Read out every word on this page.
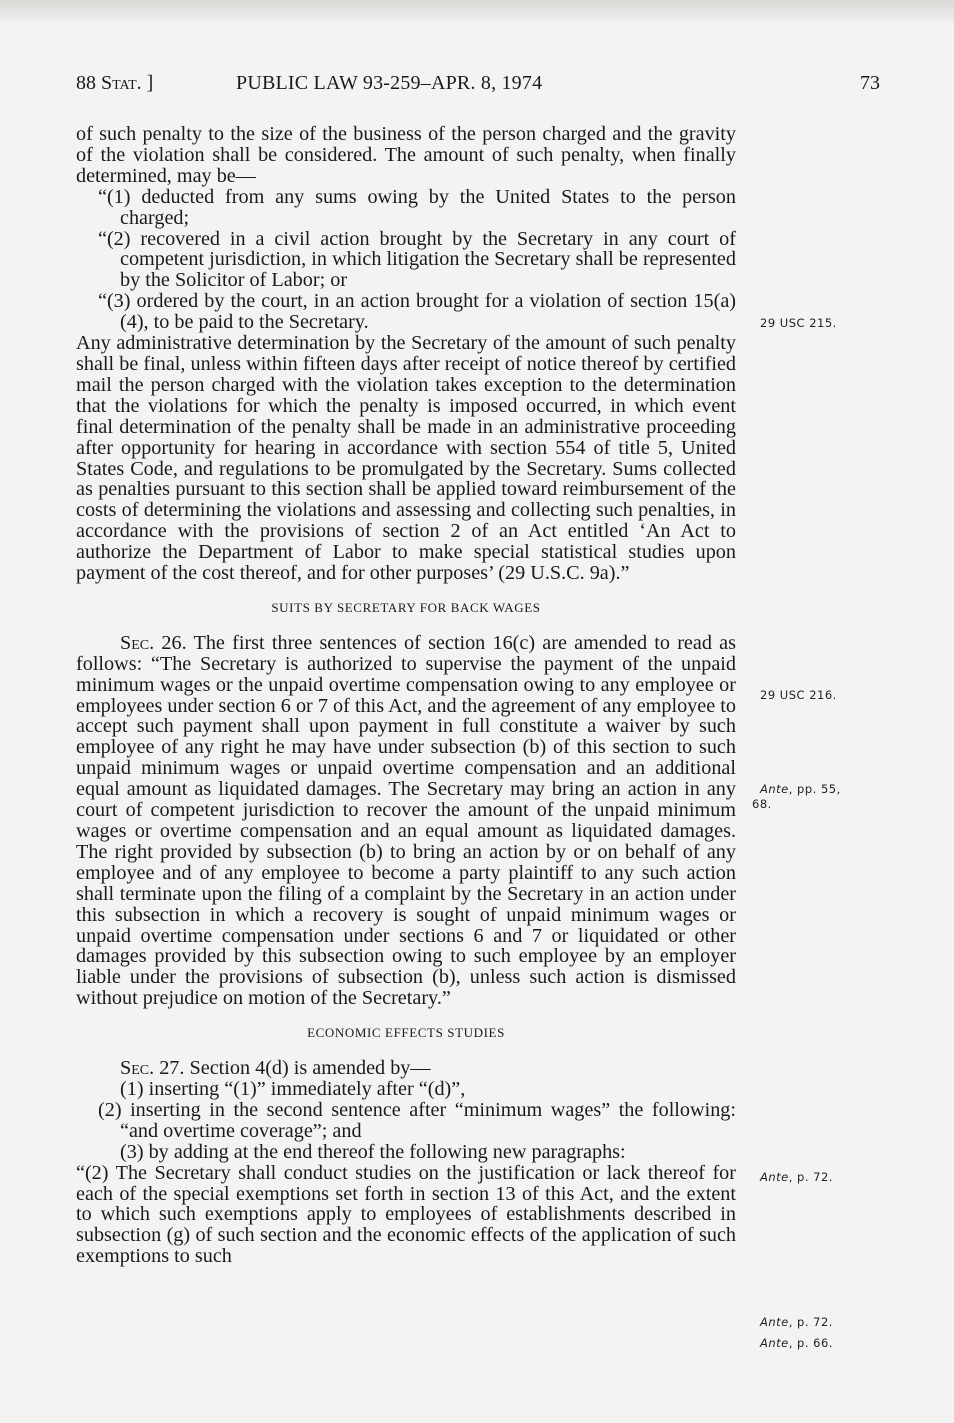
88 Stat. ]	PUBLIC LAW 93-259–APR. 8, 1974	73

of such penalty to the size of the business of the person charged and the gravity of the violation shall be considered. The amount of such penalty, when finally determined, may be—

“(1) deducted from any sums owing by the United States to the person charged;

“(2) recovered in a civil action brought by the Secretary in any court of competent jurisdiction, in which litigation the Secretary shall be represented by the Solicitor of Labor; or

“(3) ordered by the court, in an action brought for a violation of section 15(a)(4), to be paid to the Secretary.

Any administrative determination by the Secretary of the amount of such penalty shall be final, unless within fifteen days after receipt of notice thereof by certified mail the person charged with the violation takes exception to the determination that the violations for which the penalty is imposed occurred, in which event final determination of the penalty shall be made in an administrative proceeding after opportunity for hearing in accordance with section 554 of title 5, United States Code, and regulations to be promulgated by the Secretary. Sums collected as penalties pursuant to this section shall be applied toward reimbursement of the costs of determining the violations and assessing and collecting such penalties, in accordance with the provisions of section 2 of an Act entitled ‘An Act to authorize the Department of Labor to make special statistical studies upon payment of the cost thereof, and for other purposes’ (29 U.S.C. 9a).”

SUITS BY SECRETARY FOR BACK WAGES

Sec. 26. The first three sentences of section 16(c) are amended to read as follows: “The Secretary is authorized to supervise the payment of the unpaid minimum wages or the unpaid overtime compensation owing to any employee or employees under section 6 or 7 of this Act, and the agreement of any employee to accept such payment shall upon payment in full constitute a waiver by such employee of any right he may have under subsection (b) of this section to such unpaid minimum wages or unpaid overtime compensation and an additional equal amount as liquidated damages. The Secretary may bring an action in any court of competent jurisdiction to recover the amount of the unpaid minimum wages or overtime compensation and an equal amount as liquidated damages. The right provided by subsection (b) to bring an action by or on behalf of any employee and of any employee to become a party plaintiff to any such action shall terminate upon the filing of a complaint by the Secretary in an action under this subsection in which a recovery is sought of unpaid minimum wages or unpaid overtime compensation under sections 6 and 7 or liquidated or other damages provided by this subsection owing to such employee by an employer liable under the provisions of subsection (b), unless such action is dismissed without prejudice on motion of the Secretary.”

ECONOMIC EFFECTS STUDIES

Sec. 27. Section 4(d) is amended by—

(1) inserting “(1)” immediately after “(d)”,

(2) inserting in the second sentence after “minimum wages” the following: “and overtime coverage”; and

(3) by adding at the end thereof the following new paragraphs:

“(2) The Secretary shall conduct studies on the justification or lack thereof for each of the special exemptions set forth in section 13 of this Act, and the extent to which such exemptions apply to employees of establishments described in subsection (g) of such section and the economic effects of the application of such exemptions to such

29 USC 215.
29 USC 216.
Ante, pp. 55,
68.
Ante, p. 72.
Ante, p. 72.
Ante, p. 66.
